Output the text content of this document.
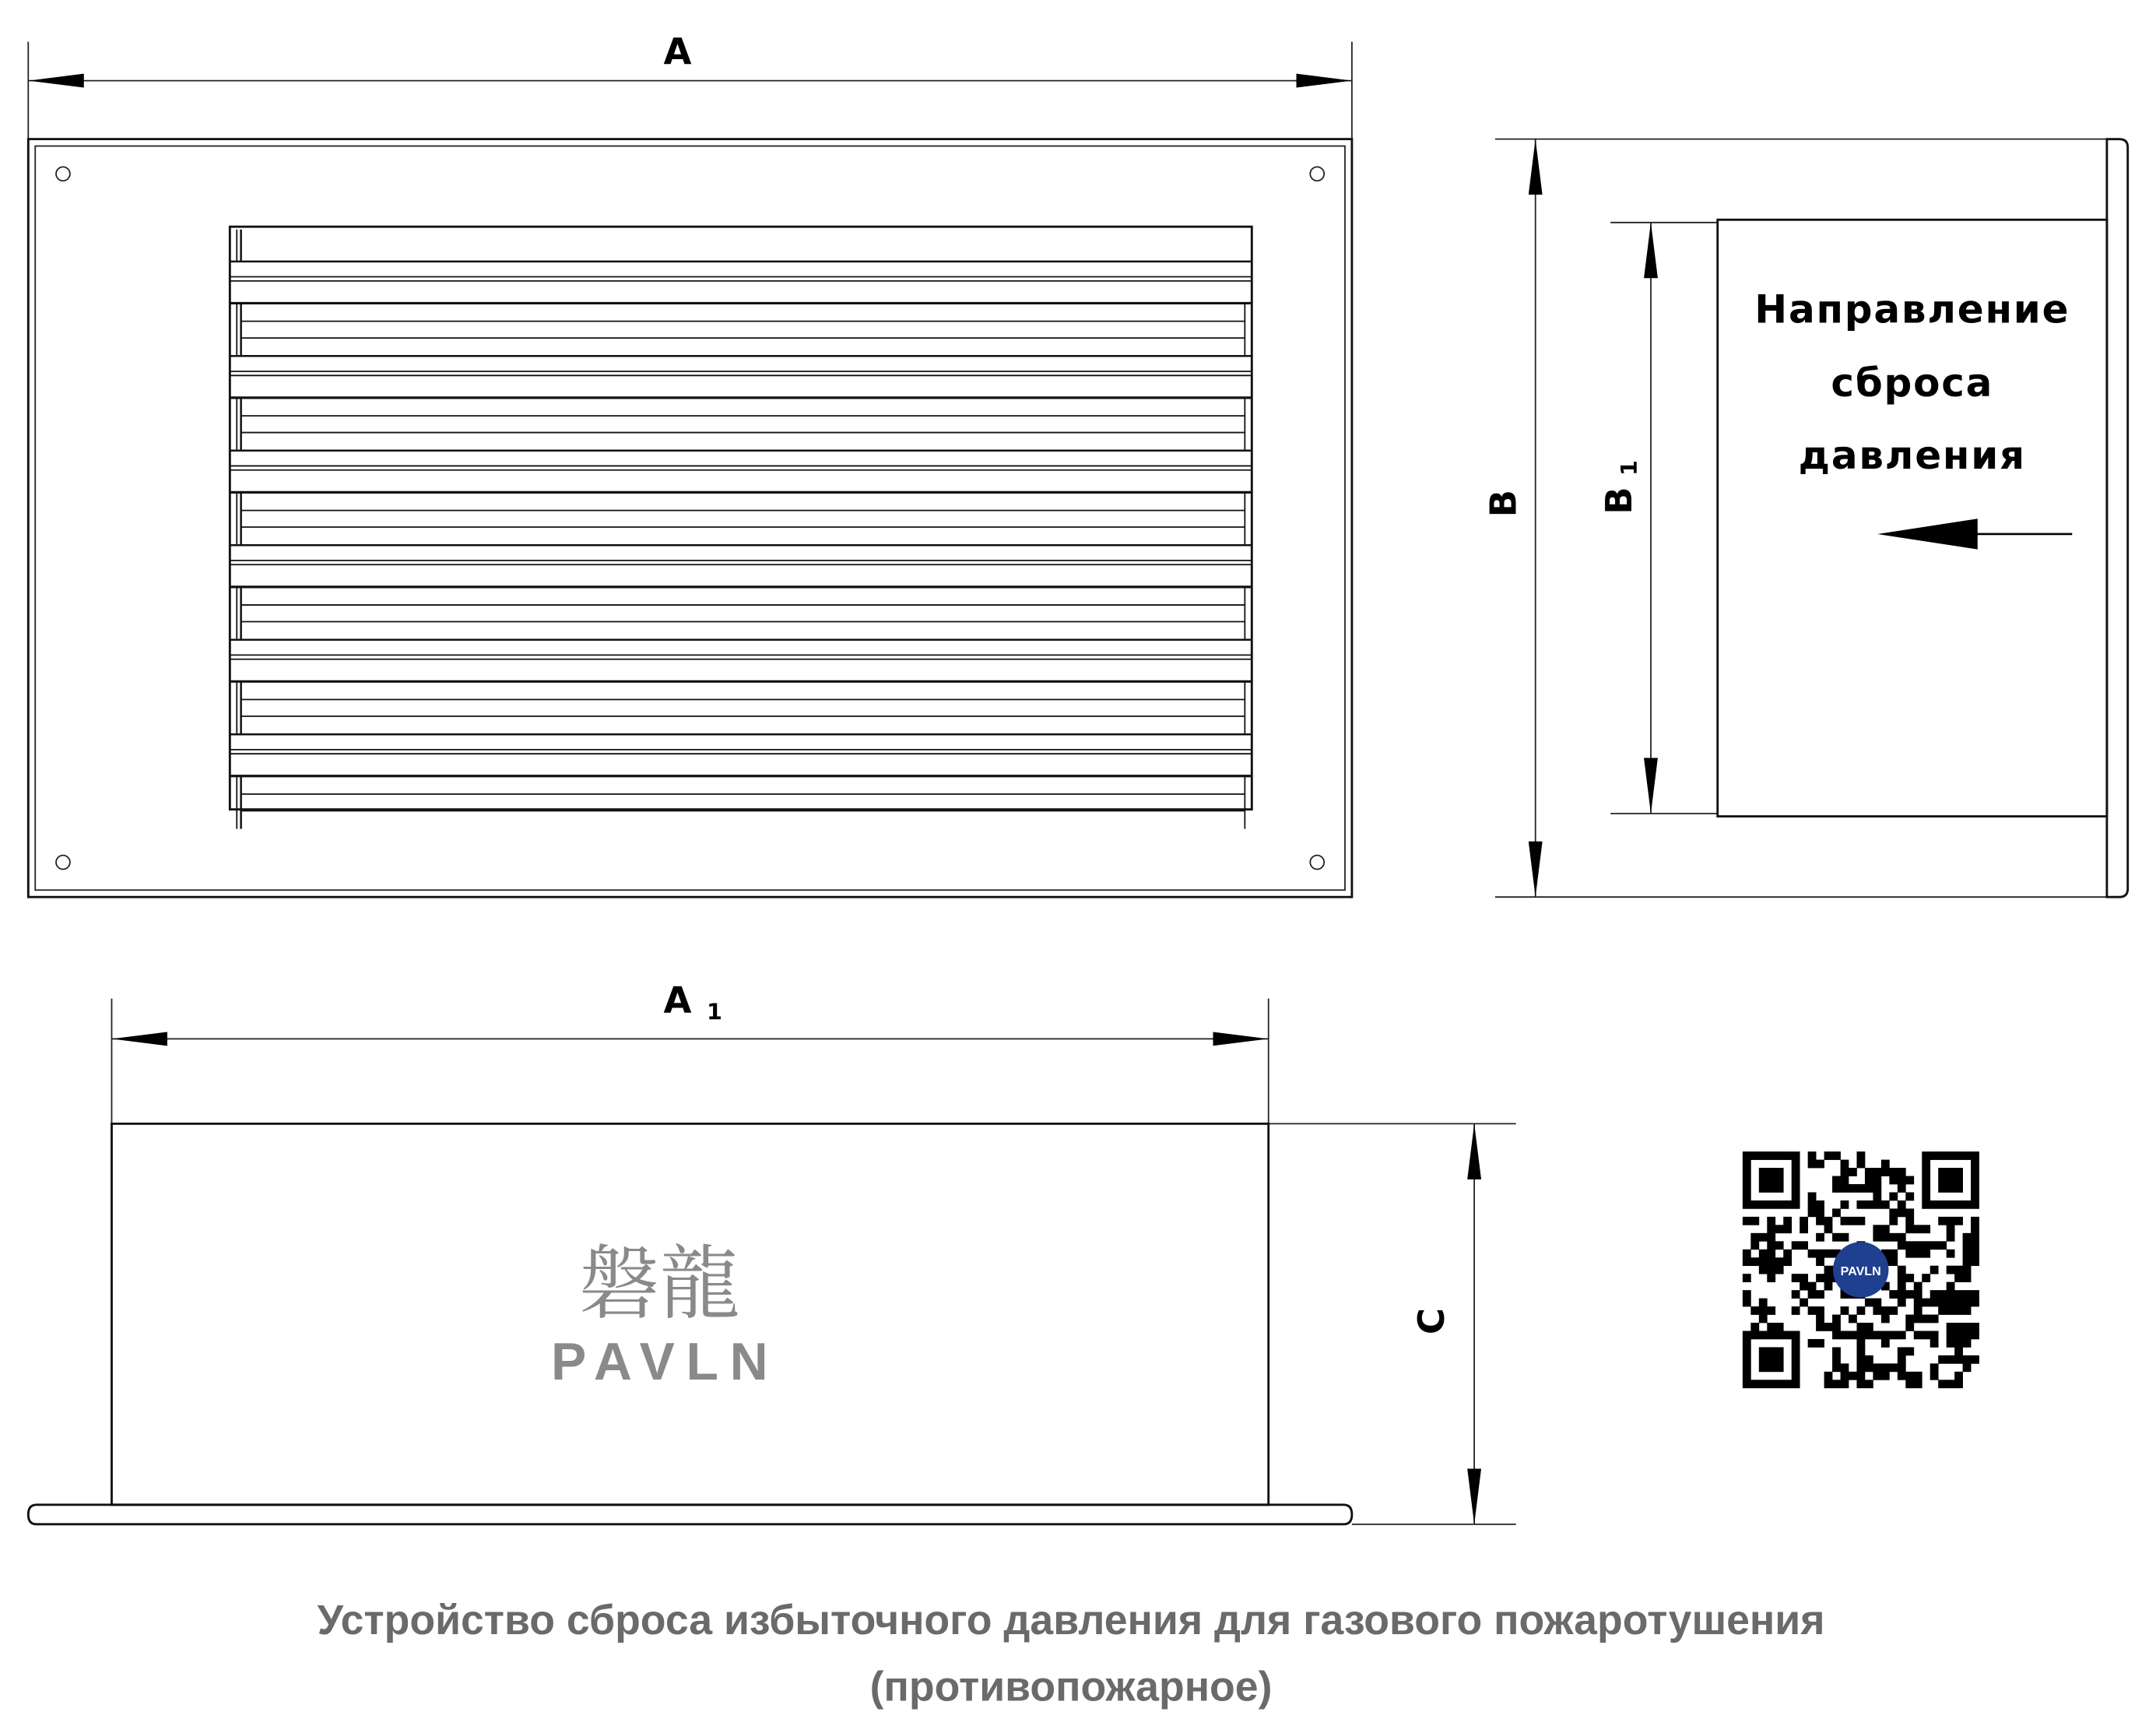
A
B	B
1
Направление
сброса
давления
A 1
C
磐龍
PAVLN
PAVLN
Устройство сброса избыточного давления для газового пожаротушения
(противопожарное)
